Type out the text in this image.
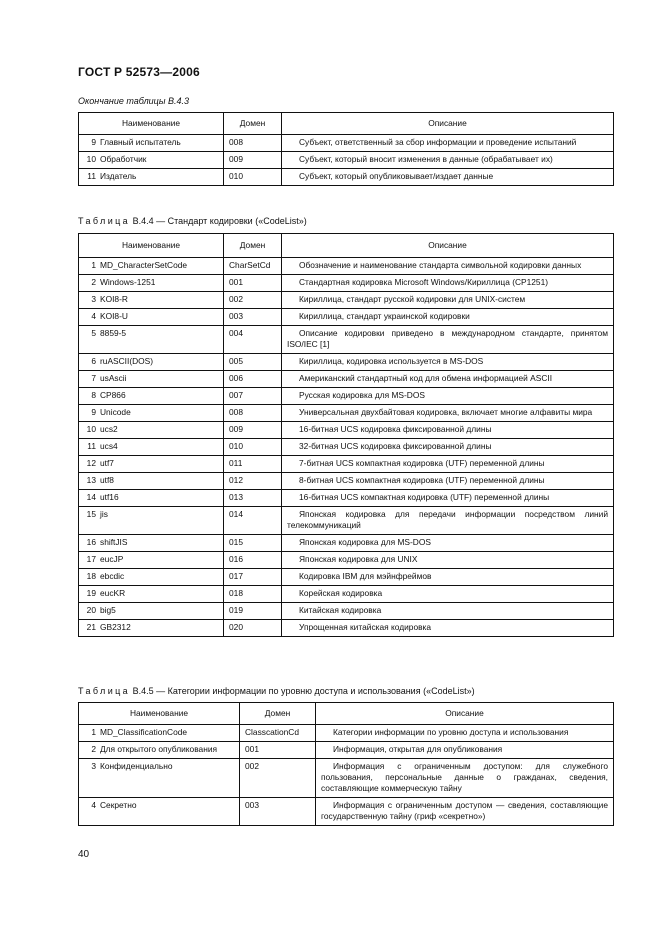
ГОСТ Р 52573—2006
Окончание таблицы В.4.3
Наименование	Домен	Описание
9 Главный испытатель	008	Субъект, ответственный за сбор информации и проведение испытаний
10 Обработчик	009	Субъект, который вносит изменения в данные (обрабатывает их)
11 Издатель	010	Субъект, который опубликовывает/издает данные
Таблица В.4.4 — Стандарт кодировки («CodeList»)
Наименование	Домен	Описание
1 MD_CharacterSetCode	CharSetCd	Обозначение и наименование стандарта символьной кодировки данных
2 Windows-1251	001	Стандартная кодировка Microsoft Windows/Кириллица (CP1251)
3 KOI8-R	002	Кириллица, стандарт русской кодировки для UNIX-систем
4 KOI8-U	003	Кириллица, стандарт украинской кодировки
5 8859-5	004	Описание кодировки приведено в международном стандарте, принятом ISO/IEC [1]
6 ruASCII(DOS)	005	Кириллица, кодировка используется в MS-DOS
7 usAscii	006	Американский стандартный код для обмена информацией ASCII
8 CP866	007	Русская кодировка для MS-DOS
9 Unicode	008	Универсальная двухбайтовая кодировка, включает многие алфавиты мира
10 ucs2	009	16-битная UCS кодировка фиксированной длины
11 ucs4	010	32-битная UCS кодировка фиксированной длины
12 utf7	011	7-битная UCS компактная кодировка (UTF) переменной длины
13 utf8	012	8-битная UCS компактная кодировка (UTF) переменной длины
14 utf16	013	16-битная UCS компактная кодировка (UTF) переменной длины
15 jis	014	Японская кодировка для передачи информации посредством линий телекоммуникаций
16 shiftJIS	015	Японская кодировка для MS-DOS
17 eucJP	016	Японская кодировка для UNIX
18 ebcdic	017	Кодировка IBM для мэйнфреймов
19 eucKR	018	Корейская кодировка
20 big5	019	Китайская кодировка
21 GB2312	020	Упрощенная китайская кодировка
Таблица В.4.5 — Категории информации по уровню доступа и использования («CodeList»)
Наименование	Домен	Описание
1 MD_ClassificationCode	ClasscationCd	Категории информации по уровню доступа и использования
2 Для открытого опубликования	001	Информация, открытая для опубликования
3 Конфиденциально	002	Информация с ограниченным доступом: для служебного пользования, персональные данные о гражданах, сведения, составляющие коммерческую тайну
4 Секретно	003	Информация с ограниченным доступом — сведения, составляющие государственную тайну (гриф «секретно»)
40
